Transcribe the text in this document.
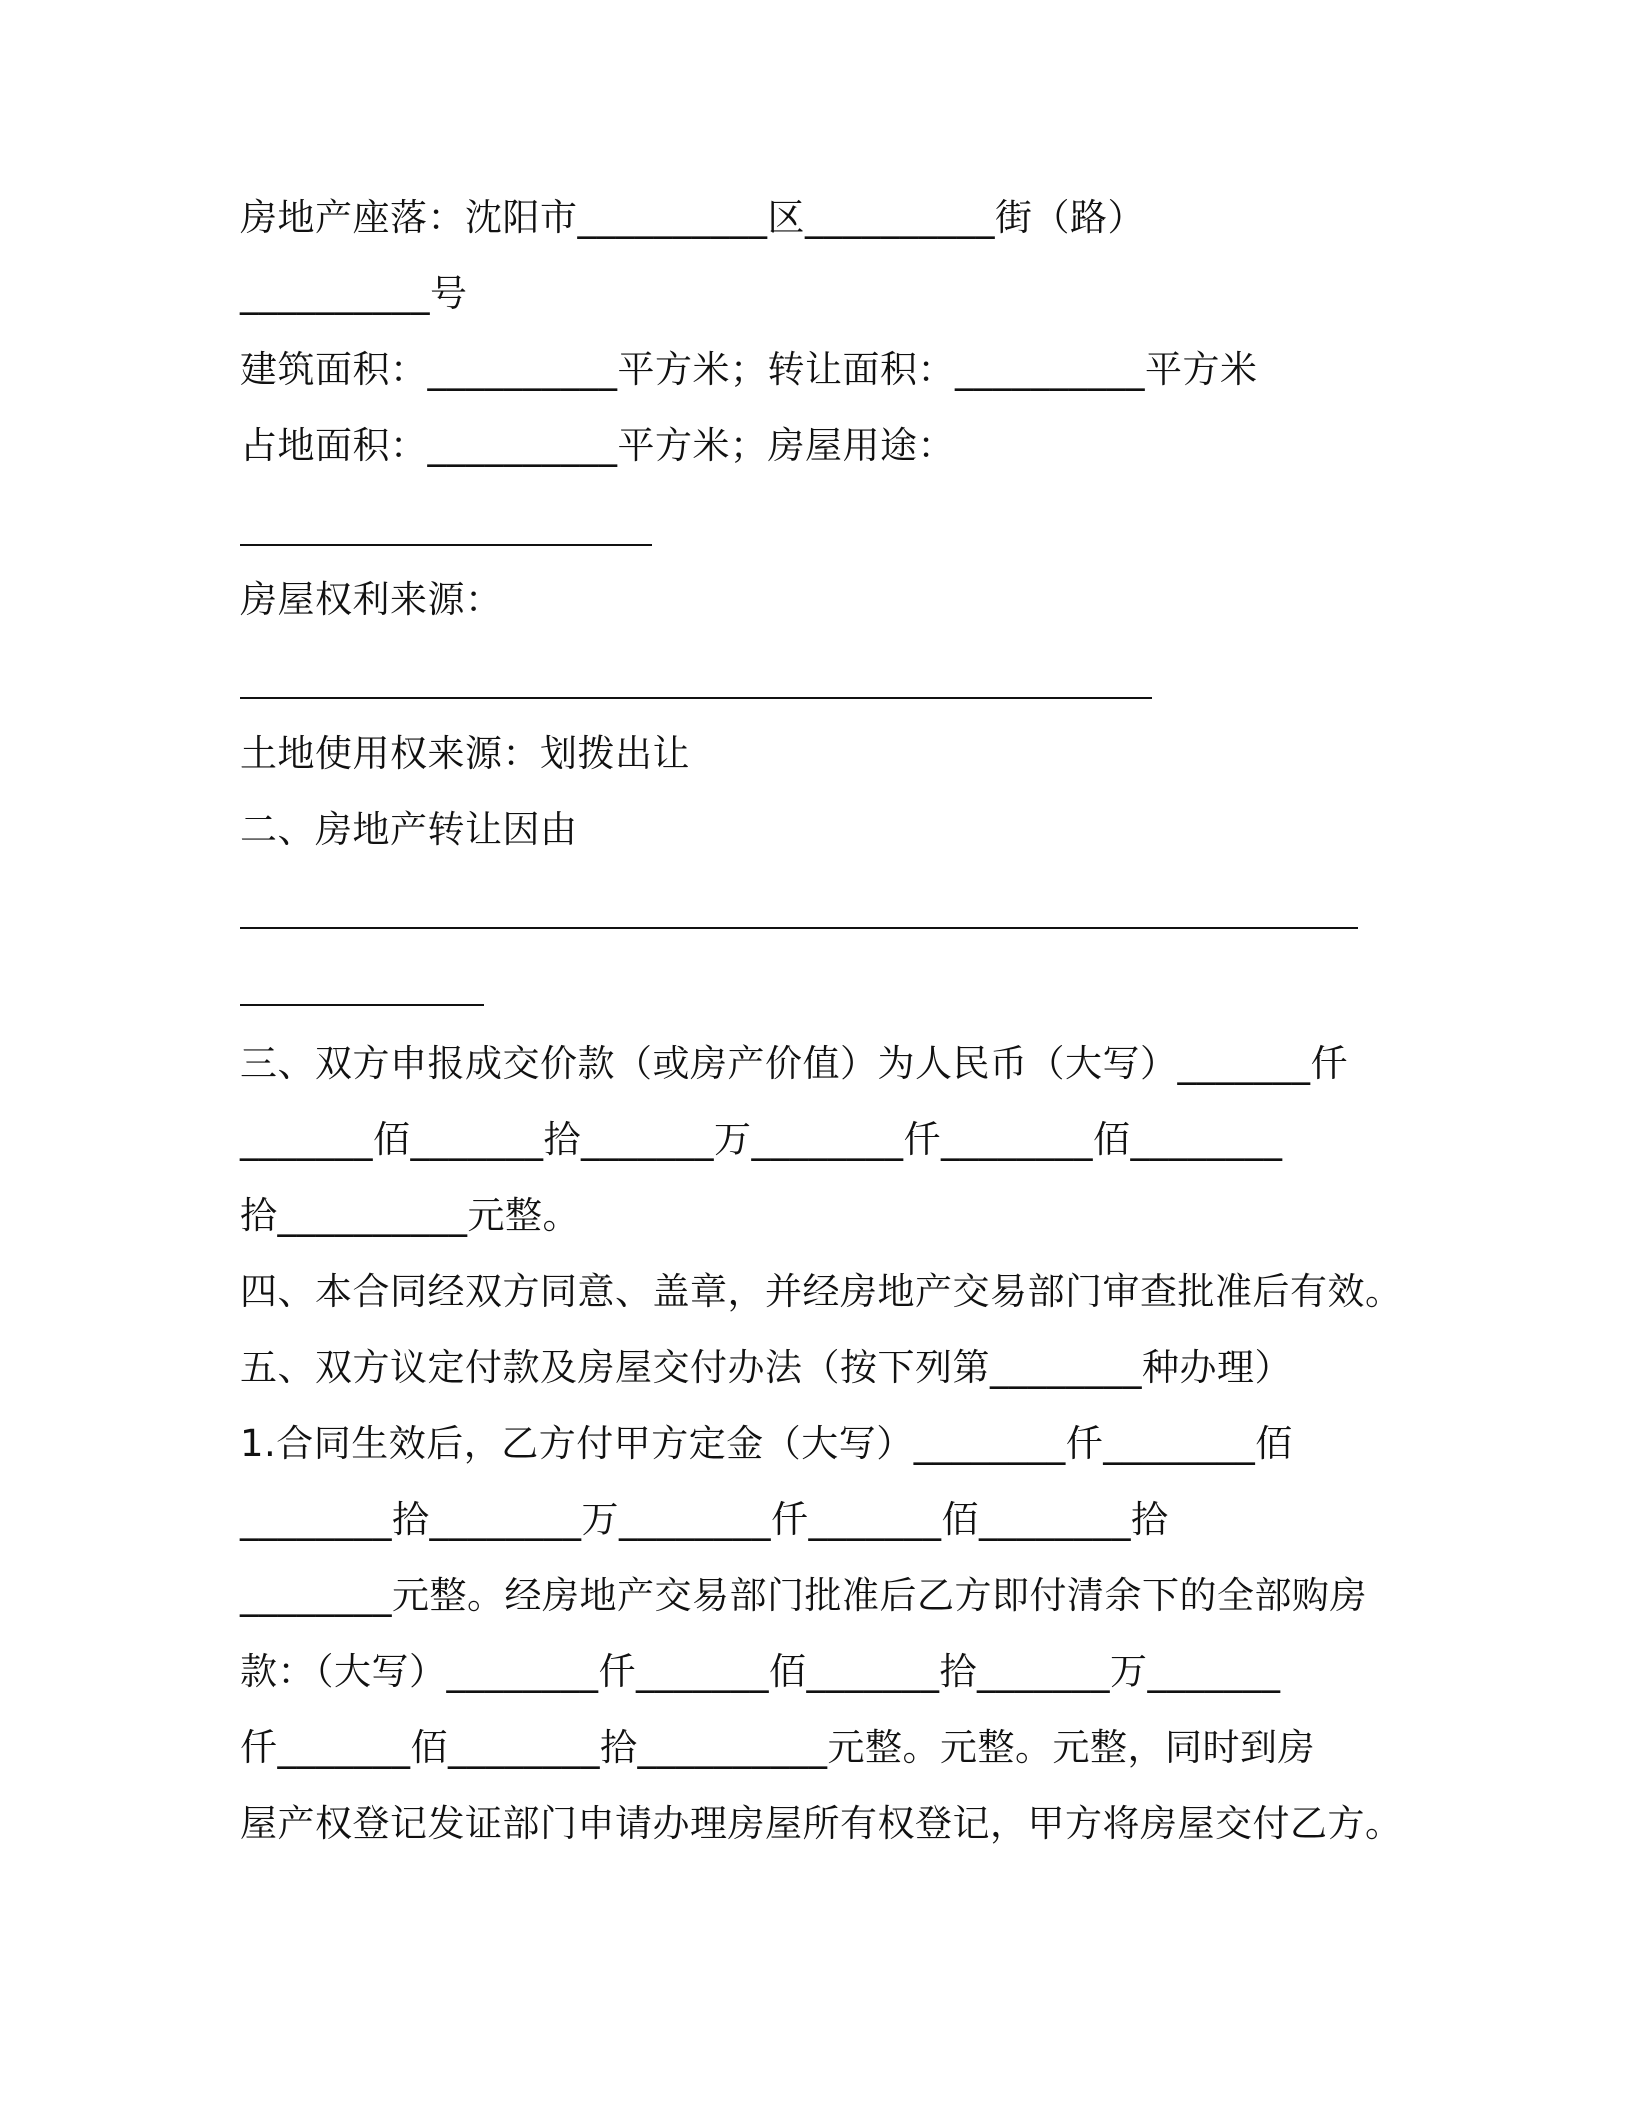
房地产座落：沈阳市__________区__________街（路）
__________号
建筑面积：__________平方米；转让面积：__________平方米
占地面积：__________平方米；房屋用途：
房屋权利来源：
土地使用权来源：划拨出让
二、房地产转让因由
三、双方申报成交价款（或房产价值）为人民币（大写）_______仟
_______佰_______拾_______万________仟________佰________
拾__________元整。
四、本合同经双方同意、盖章，并经房地产交易部门审查批准后有效。
五、双方议定付款及房屋交付办法（按下列第________种办理）
1.合同生效后，乙方付甲方定金（大写）________仟________佰
________拾________万________仟_______佰________拾
________元整。经房地产交易部门批准后乙方即付清余下的全部购房
款：（大写）________仟_______佰_______拾_______万_______
仟_______佰________拾__________元整。元整。元整，同时到房
屋产权登记发证部门申请办理房屋所有权登记，甲方将房屋交付乙方。
